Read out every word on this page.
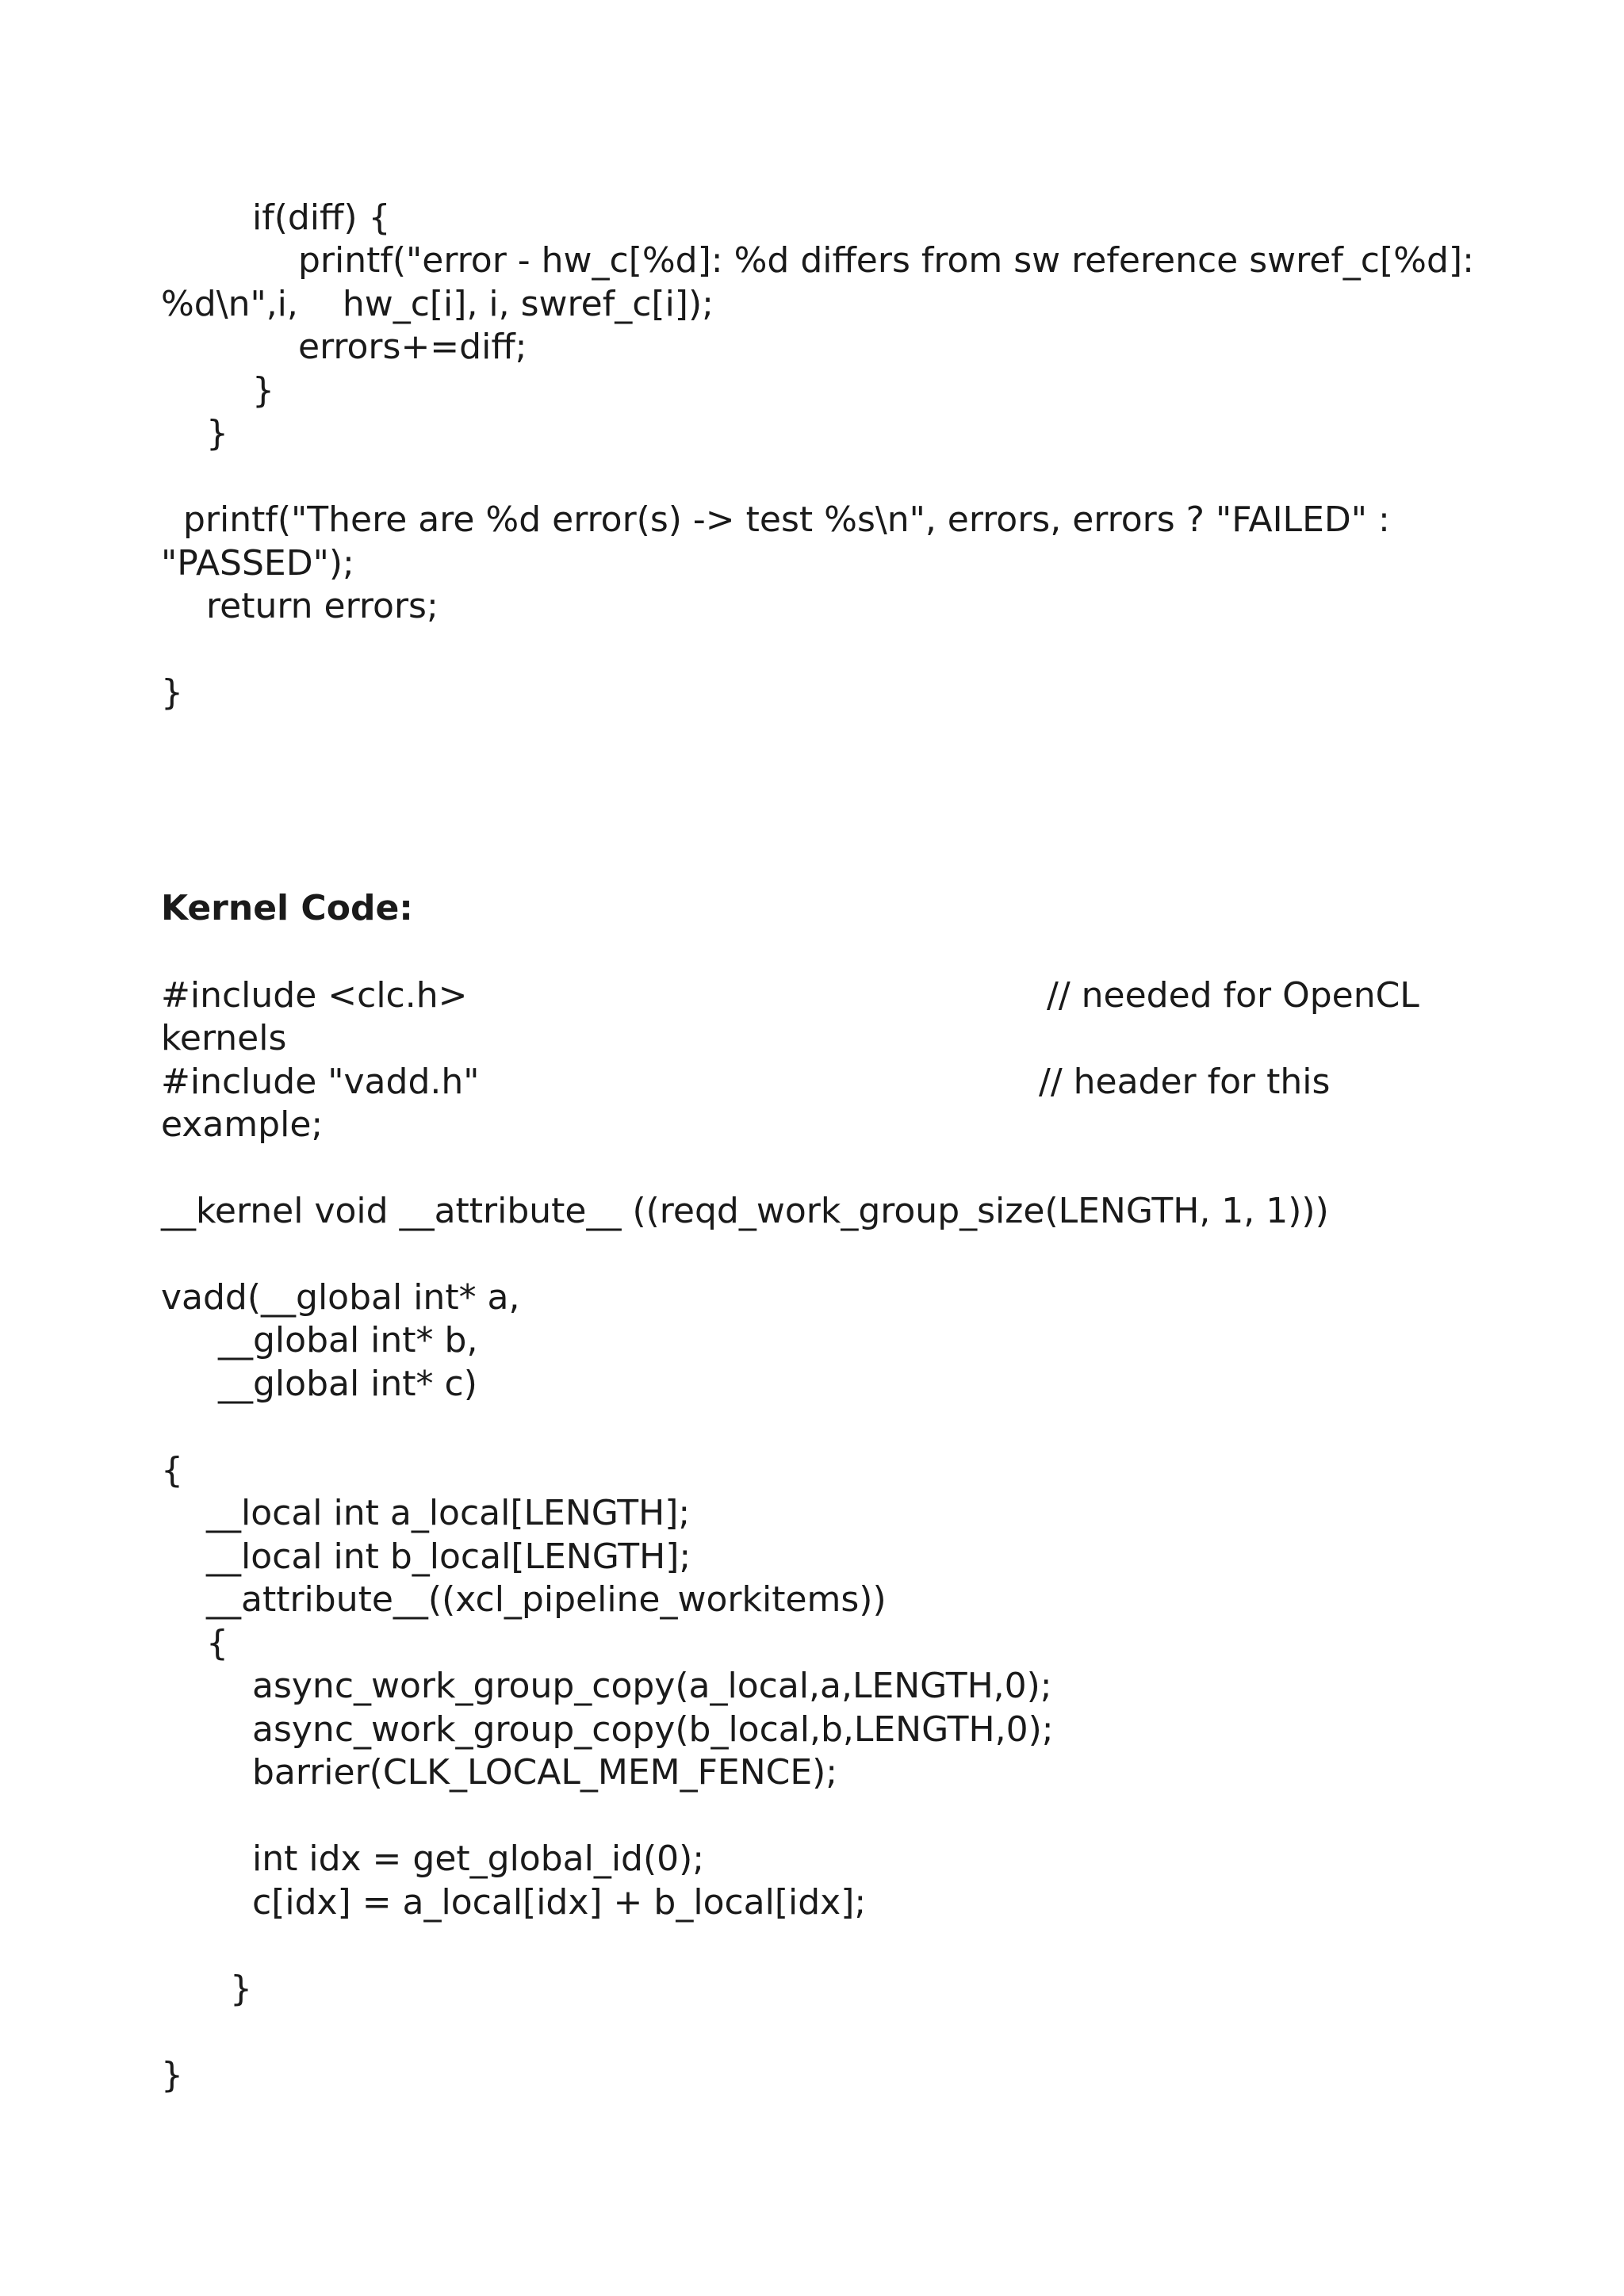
if(diff) {
printf("error - hw_c[%d]: %d differs from sw reference swref_c[%d]:
%d\n",i,    hw_c[i], i, swref_c[i]);
errors+=diff;
}
}
printf("There are %d error(s) -> test %s\n", errors, errors ? "FAILED" :
"PASSED");
return errors;
}
Kernel Code:
#include <clc.h>	// needed for OpenCL
kernels
#include "vadd.h"	// header for this
example;
__kernel void __attribute__ ((reqd_work_group_size(LENGTH, 1, 1)))
vadd(__global int* a,
__global int* b,
__global int* c)
{
__local int a_local[LENGTH];
__local int b_local[LENGTH];
__attribute__((xcl_pipeline_workitems))
{
async_work_group_copy(a_local,a,LENGTH,0);
async_work_group_copy(b_local,b,LENGTH,0);
barrier(CLK_LOCAL_MEM_FENCE);
int idx = get_global_id(0);
c[idx] = a_local[idx] + b_local[idx];
}
}
